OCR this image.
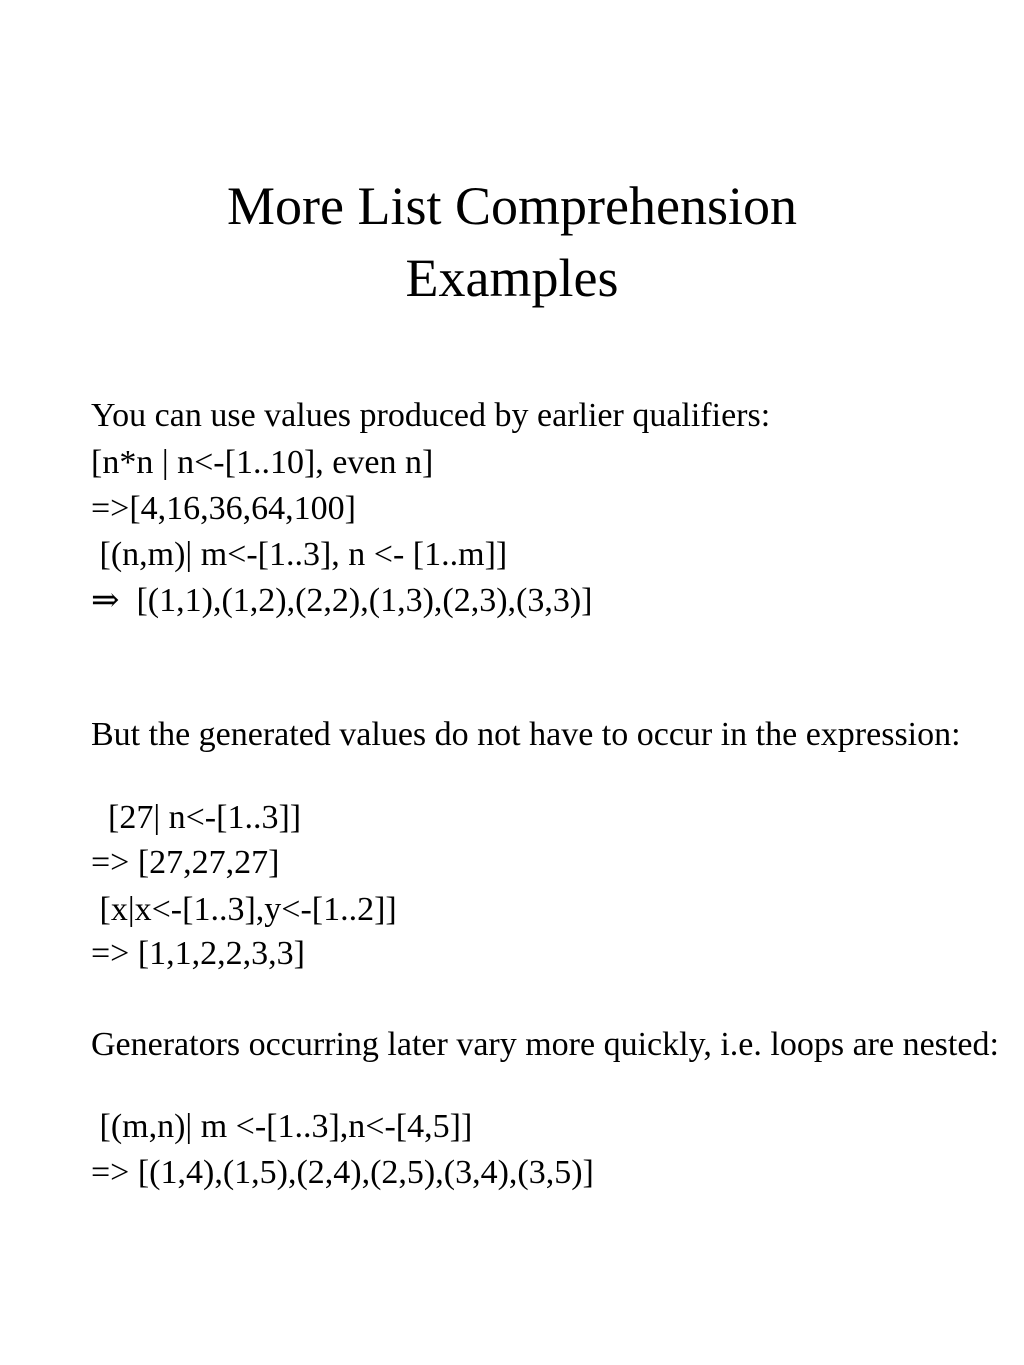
More List Comprehension
Examples
You can use values produced by earlier qualifiers:
[n*n | n<-[1..10], even n]
=>[4,16,36,64,100]
[(n,m)| m<-[1..3], n <- [1..m]]
⇒  [(1,1),(1,2),(2,2),(1,3),(2,3),(3,3)]
But the generated values do not have to occur in the expression:
[27| n<-[1..3]]
=> [27,27,27]
[x|x<-[1..3],y<-[1..2]]
=> [1,1,2,2,3,3]
Generators occurring later vary more quickly, i.e. loops are nested:
[(m,n)| m <-[1..3],n<-[4,5]]
=> [(1,4),(1,5),(2,4),(2,5),(3,4),(3,5)]
